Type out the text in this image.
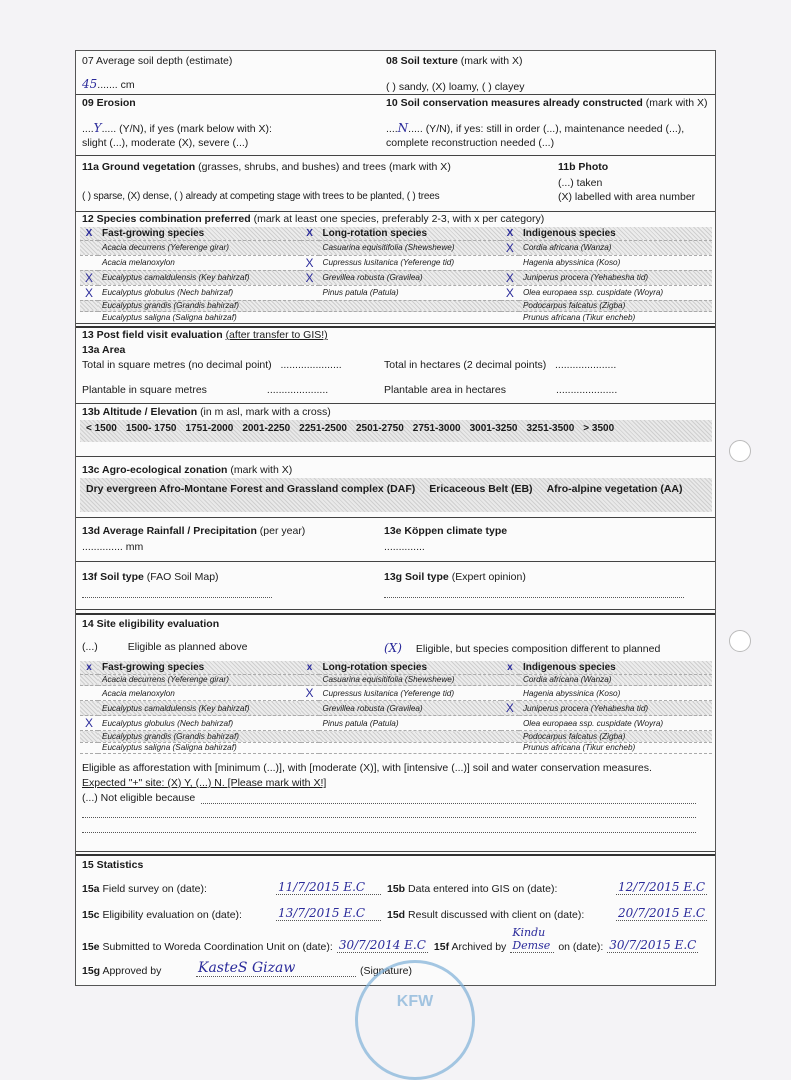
07 Average soil depth (estimate)
45....... cm
08 Soil texture (mark with X)
( ) sandy, (X) loamy, ( ) clayey
09 Erosion
....Y..... (Y/N), if yes (mark below with X):
slight (...), moderate (X), severe (...)
10 Soil conservation measures already constructed (mark with X)
....N..... (Y/N), if yes: still in order (...), maintenance needed (...),
complete reconstruction needed (...)
11a Ground vegetation (grasses, shrubs, and bushes) and trees (mark with X)
( ) sparse, (X) dense, ( ) already at competing stage with trees to be planted, ( ) trees
11b Photo
(...) taken
(X) labelled with area number
12 Species combination preferred (mark at least one species, preferably 2-3, with x per category)
X	Fast-growing species	X	Long-rotation species	X	Indigenous species
	Acacia decurrens (Yeferenge girar)		Casuarina equisitifolia (Shewshewe)	X	Cordia africana (Wanza)
	Acacia melanoxylon	X	Cupressus lusitanica (Yeferenge tid)		Hagenia abyssinica (Koso)
X	Eucalyptus camaldulensis (Key bahirzaf)	X	Grevillea robusta (Gravilea)	X	Juniperus procera (Yehabesha tid)
X	Eucalyptus globulus (Nech bahirzaf)		Pinus patula (Patula)	X	Olea europaea ssp. cuspidate (Woyra)
	Eucalyptus grandis (Grandis bahirzaf)				Podocarpus falcatus (Zigba)
	Eucalyptus saligna (Saligna bahirzaf)				Prunus africana (Tikur encheb)
13 Post field visit evaluation (after transfer to GIS!)
13a Area
Total in square metres (no decimal point) .....................	Total in hectares (2 decimal points) .....................
Plantable in square metres	.....................	Plantable area in hectares	.....................
13b Altitude / Elevation (in m asl, mark with a cross)
< 1500 1500- 1750 1751-2000 2001-2250 2251-2500 2501-2750 2751-3000 3001-3250 3251-3500 > 3500
13c Agro-ecological zonation (mark with X)
Dry evergreen Afro-Montane Forest and Grassland complex (DAF) Ericaceous Belt (EB) Afro-alpine vegetation (AA)
13d Average Rainfall / Precipitation (per year)
.............. mm
13e Köppen climate type
..............
13f Soil type (FAO Soil Map)	13g Soil type (Expert opinion)
14 Site eligibility evaluation
(...)	Eligible as planned above	(X) Eligible, but species composition different to planned
x	Fast-growing species	x	Long-rotation species	x	Indigenous species
	Acacia decurrens (Yeferenge girar)		Casuarina equisitifolia (Shewshewe)		Cordia africana (Wanza)
	Acacia melanoxylon	X	Cupressus lusitanica (Yeferenge tid)		Hagenia abyssinica (Koso)
	Eucalyptus camaldulensis (Key bahirzaf)		Grevillea robusta (Gravilea)	X	Juniperus procera (Yehabesha tid)
X	Eucalyptus globulus (Nech bahirzaf)		Pinus patula (Patula)		Olea europaea ssp. cuspidate (Woyra)
	Eucalyptus grandis (Grandis bahirzaf)				Podocarpus falcatus (Zigba)
	Eucalyptus saligna (Saligna bahirzaf)				Prunus africana (Tikur encheb)
Eligible as afforestation with [minimum (...)], with [moderate (X)], with [intensive (...)] soil and water conservation measures.
Expected "+" site: (X) Y, (...) N. [Please mark with X!]
(...) Not eligible because
15 Statistics
15a Field survey on (date):	11/7/2015 E.C	15b Data entered into GIS on (date):	12/7/2015 E.C
15c Eligibility evaluation on (date):	13/7/2015 E.C	15d Result discussed with client on (date):	20/7/2015 E.C
15e Submitted to Woreda Coordination Unit on (date): 30/7/2014 E.C 15f Archived by
Kindu Demse on (date): 30/7/2015 E.C
15g Approved by	KasteS Gizaw	(Signature)
KFW
